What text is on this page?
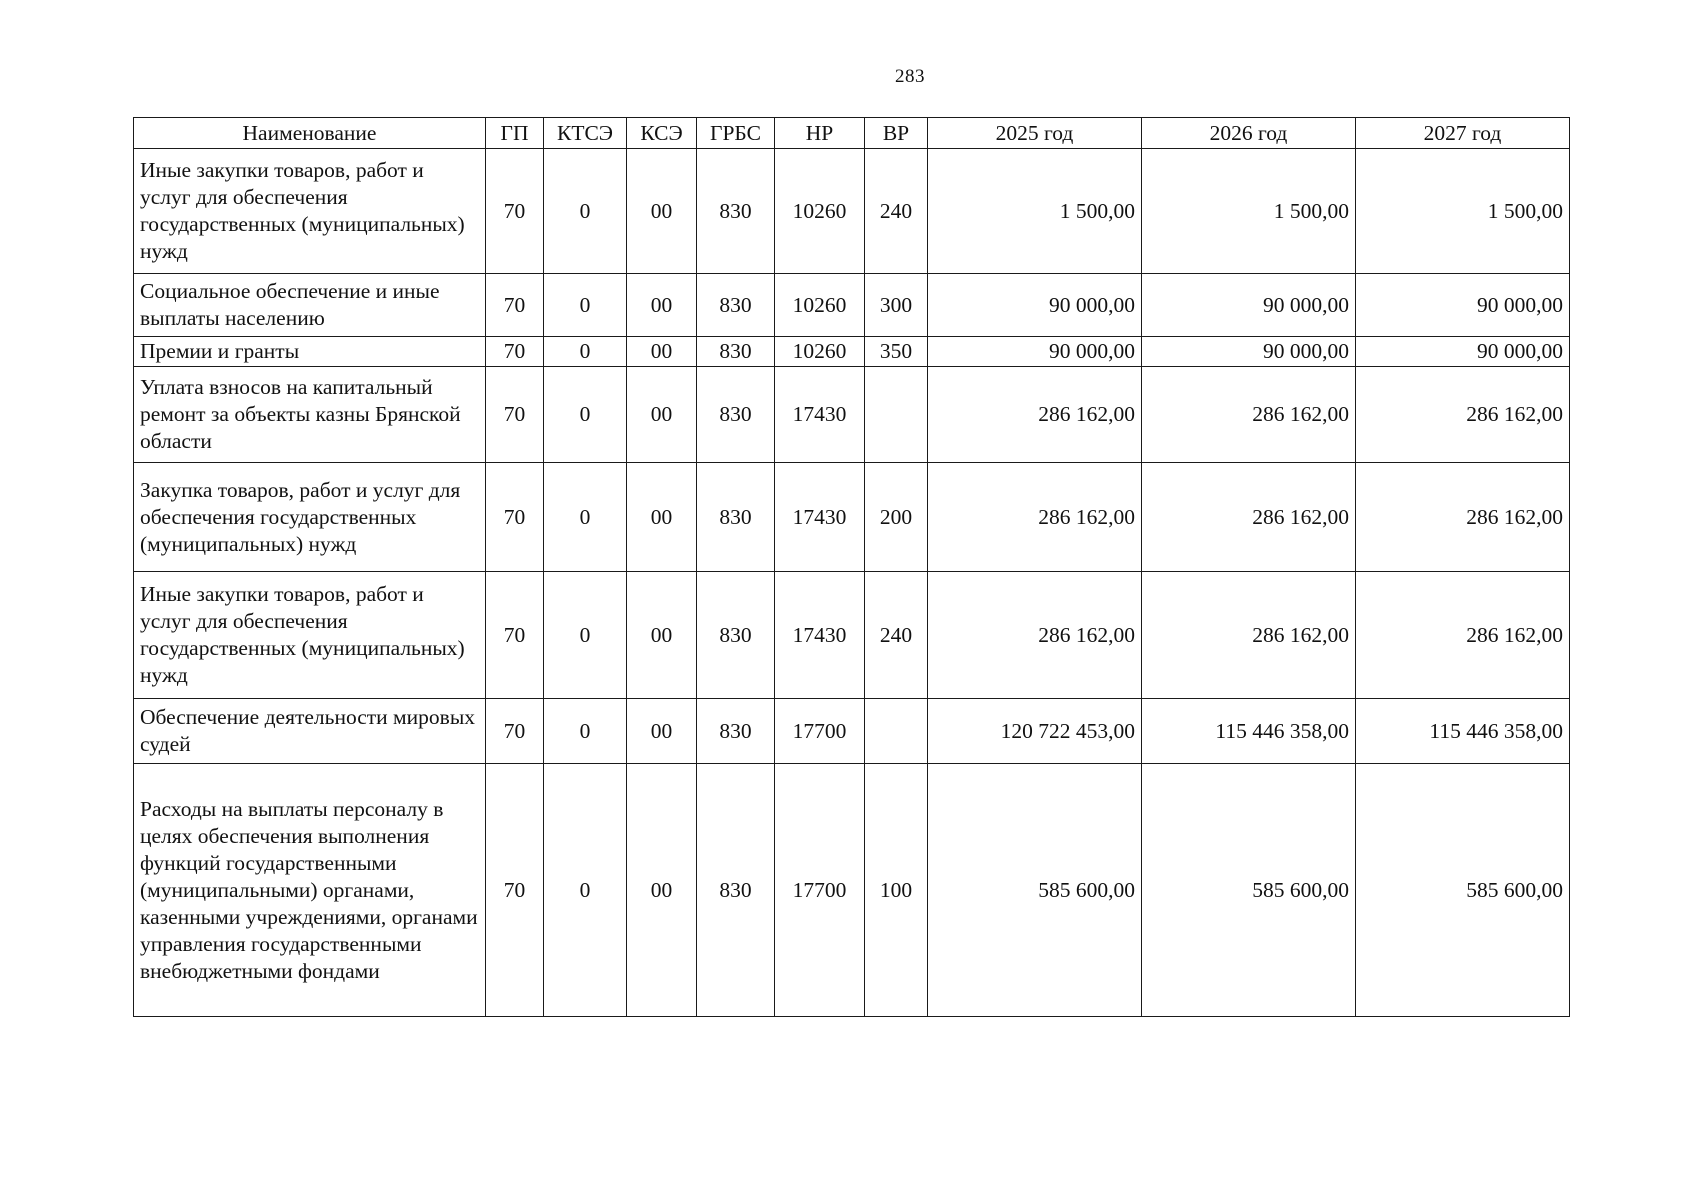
283
Наименование	ГП	КТСЭ	КСЭ	ГРБС	НР	ВР	2025 год	2026 год	2027 год
Иные закупки товаров, работ и услуг для обеспечения государственных (муниципальных) нужд	70	0	00	830	10260	240	1 500,00	1 500,00	1 500,00
Социальное обеспечение и иные выплаты населению	70	0	00	830	10260	300	90 000,00	90 000,00	90 000,00
Премии и гранты	70	0	00	830	10260	350	90 000,00	90 000,00	90 000,00
Уплата взносов на капитальный ремонт за объекты казны Брянской области	70	0	00	830	17430		286 162,00	286 162,00	286 162,00
Закупка товаров, работ и услуг для обеспечения государственных (муниципальных) нужд	70	0	00	830	17430	200	286 162,00	286 162,00	286 162,00
Иные закупки товаров, работ и услуг для обеспечения государственных (муниципальных) нужд	70	0	00	830	17430	240	286 162,00	286 162,00	286 162,00
Обеспечение деятельности мировых судей	70	0	00	830	17700		120 722 453,00	115 446 358,00	115 446 358,00
Расходы на выплаты персоналу в целях обеспечения выполнения функций государственными (муниципальными) органами, казенными учреждениями, органами управления государственными внебюджетными фондами	70	0	00	830	17700	100	585 600,00	585 600,00	585 600,00
